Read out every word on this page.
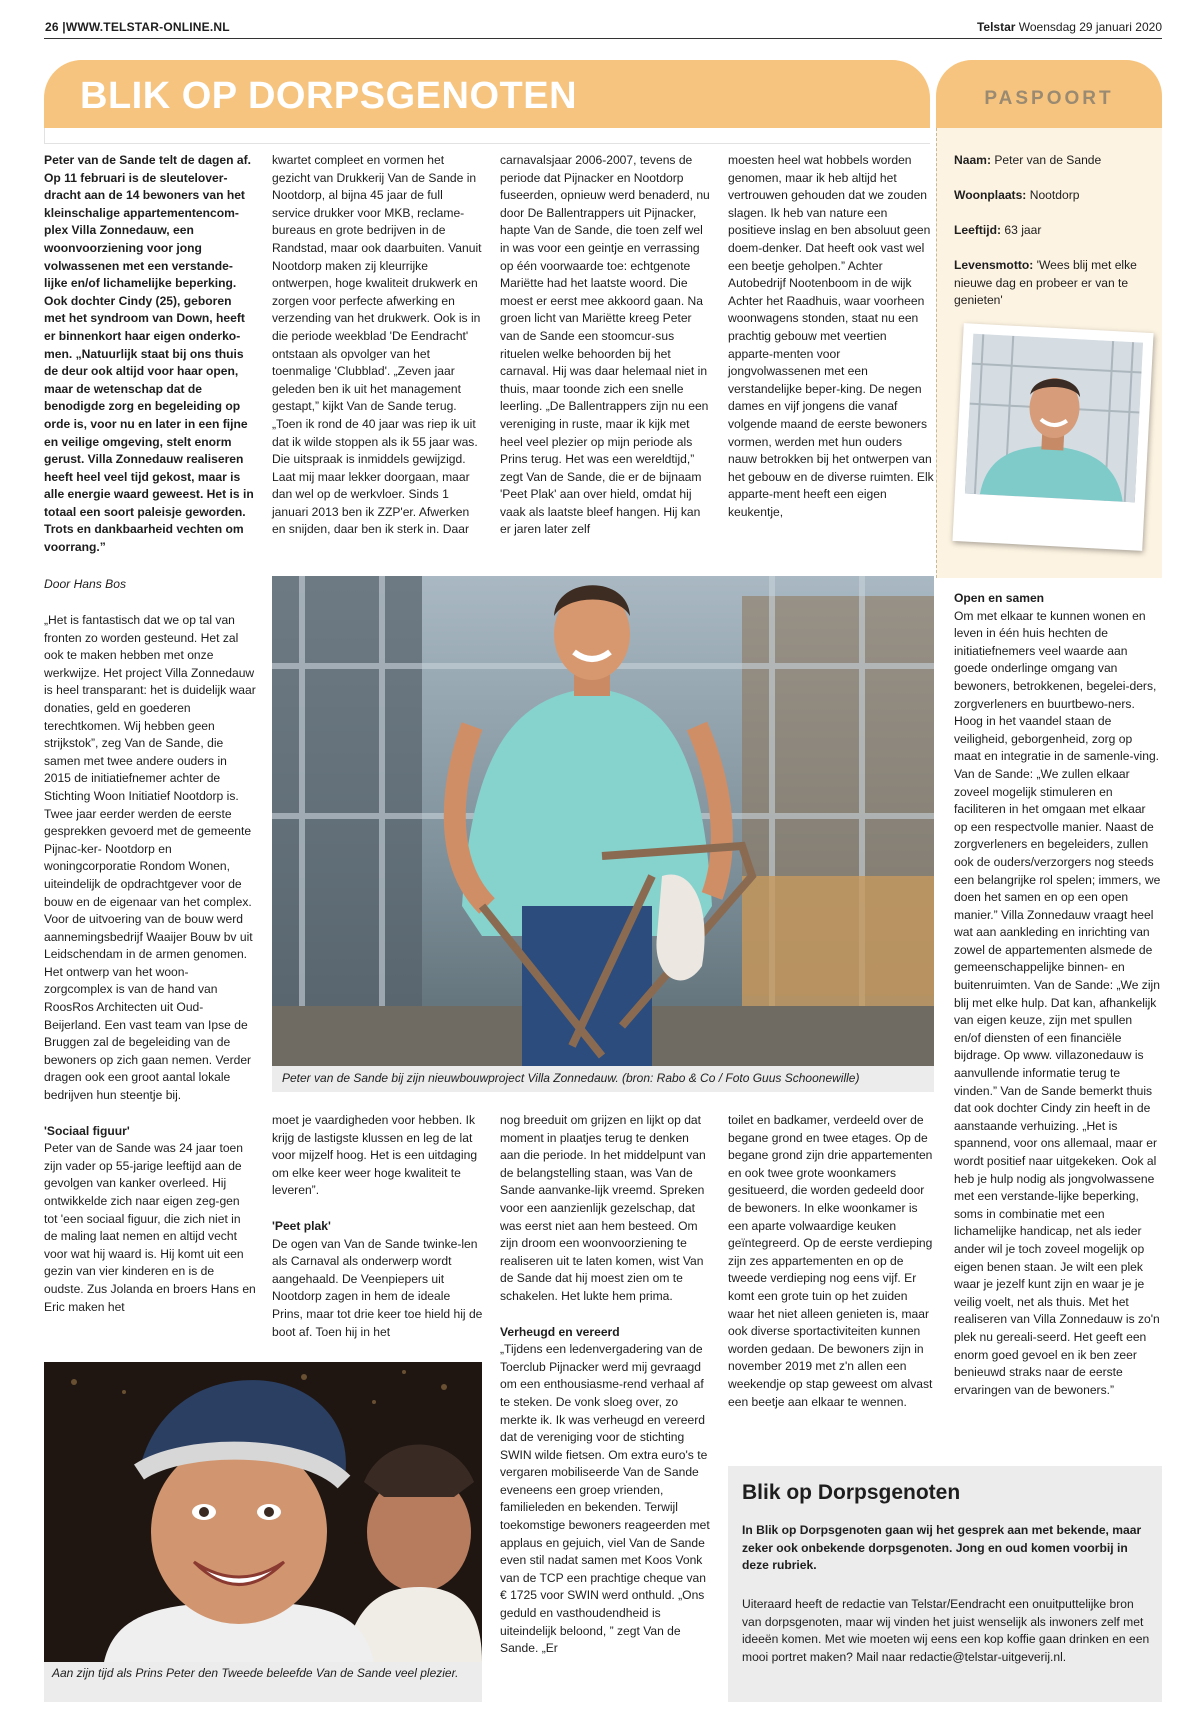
26 |WWW.TELSTAR-ONLINE.NL	Telstar Woensdag 29 januari 2020
BLIK OP DORPSGENOTEN	PASPOORT
Naam: Peter van de Sande
Woonplaats: Nootdorp
Leeftijd: 63 jaar
Levensmotto: 'Wees blij met elke nieuwe dag en probeer er van te genieten'
Peter van de Sande telt de dagen af. Op 11 februari is de sleutelover-dracht aan de 14 bewoners van het kleinschalige appartementencom-plex Villa Zonnedauw, een woonvoorziening voor jong volwassenen met een verstande-lijke en/of lichamelijke beperking. Ook dochter Cindy (25), geboren met het syndroom van Down, heeft er binnenkort haar eigen onderko-men. „Natuurlijk staat bij ons thuis de deur ook altijd voor haar open, maar de wetenschap dat de benodigde zorg en begeleiding op orde is, voor nu en later in een fijne en veilige omgeving, stelt enorm gerust. Villa Zonnedauw realiseren heeft heel veel tijd gekost, maar is alle energie waard geweest. Het is in totaal een soort paleisje geworden. Trots en dankbaarheid vechten om voorrang.”
kwartet compleet en vormen het gezicht van Drukkerij Van de Sande in Nootdorp, al bijna 45 jaar de full service drukker voor MKB, reclame-bureaus en grote bedrijven in de Randstad, maar ook daarbuiten. Vanuit Nootdorp maken zij kleurrijke ontwerpen, hoge kwaliteit drukwerk en zorgen voor perfecte afwerking en verzending van het drukwerk. Ook is in die periode weekblad 'De Eendracht' ontstaan als opvolger van het toenmalige 'Clubblad'. „Zeven jaar geleden ben ik uit het management gestapt,” kijkt Van de Sande terug. „Toen ik rond de 40 jaar was riep ik uit dat ik wilde stoppen als ik 55 jaar was. Die uitspraak is inmiddels gewijzigd. Laat mij maar lekker doorgaan, maar dan wel op de werkvloer. Sinds 1 januari 2013 ben ik ZZP'er. Afwerken en snijden, daar ben ik sterk in. Daar
carnavalsjaar 2006-2007, tevens de periode dat Pijnacker en Nootdorp fuseerden, opnieuw werd benaderd, nu door De Ballentrappers uit Pijnacker, hapte Van de Sande, die toen zelf wel in was voor een geintje en verrassing op één voorwaarde toe: echtgenote Mariëtte had het laatste woord. Die moest er eerst mee akkoord gaan. Na groen licht van Mariëtte kreeg Peter van de Sande een stoomcur-sus rituelen welke behoorden bij het carnaval. Hij was daar helemaal niet in thuis, maar toonde zich een snelle leerling. „De Ballentrappers zijn nu een vereniging in ruste, maar ik kijk met heel veel plezier op mijn periode als Prins terug. Het was een wereldtijd,” zegt Van de Sande, die er de bijnaam 'Peet Plak' aan over hield, omdat hij vaak als laatste bleef hangen. Hij kan er jaren later zelf
moesten heel wat hobbels worden genomen, maar ik heb altijd het vertrouwen gehouden dat we zouden slagen. Ik heb van nature een positieve inslag en ben absoluut geen doem-denker. Dat heeft ook vast wel een beetje geholpen.” Achter Autobedrijf Nootenboom in de wijk Achter het Raadhuis, waar voorheen woonwagens stonden, staat nu een prachtig gebouw met veertien apparte-menten voor jongvolwassenen met een verstandelijke beper-king. De negen dames en vijf jongens die vanaf volgende maand de eerste bewoners vormen, werden met hun ouders nauw betrokken bij het ontwerpen van het gebouw en de diverse ruimten. Elk apparte-ment heeft een eigen keukentje,
Door Hans Bos

„Het is fantastisch dat we op tal van fronten zo worden gesteund. Het zal ook te maken hebben met onze werkwijze. Het project Villa Zonnedauw is heel transparant: het is duidelijk waar donaties, geld en goederen terechtkomen. Wij hebben geen strijkstok”, zeg Van de Sande, die samen met twee andere ouders in 2015 de initiatiefnemer achter de Stichting Woon Initiatief Nootdorp is. Twee jaar eerder werden de eerste gesprekken gevoerd met de gemeente Pijnac-ker- Nootdorp en woningcorporatie Rondom Wonen, uiteindelijk de opdrachtgever voor de bouw en de eigenaar van het complex. Voor de uitvoering van de bouw werd aannemingsbedrijf Waaijer Bouw bv uit Leidschendam in de armen genomen. Het ontwerp van het woon-zorgcomplex is van de hand van RoosRos Architecten uit Oud-Beijerland. Een vast team van Ipse de Bruggen zal de begeleiding van de bewoners op zich gaan nemen. Verder dragen ook een groot aantal lokale bedrijven hun steentje bij.

'Sociaal figuur'

Peter van de Sande was 24 jaar toen zijn vader op 55-jarige leeftijd aan de gevolgen van kanker overleed. Hij ontwikkelde zich naar eigen zeg-gen tot 'een sociaal figuur, die zich niet in de maling laat nemen en altijd vecht voor wat hij waard is. Hij komt uit een gezin van vier kinderen en is de oudste. Zus Jolanda en broers Hans en Eric maken het

Peter van de Sande bij zijn nieuwbouwproject Villa Zonnedauw. (bron: Rabo & Co / Foto Guus Schoonewille)

moet je vaardigheden voor hebben. Ik krijg de lastigste klussen en leg de lat voor mijzelf hoog. Het is een uitdaging om elke keer weer hoge kwaliteit te leveren”.

'Peet plak'

De ogen van Van de Sande twinke-len als Carnaval als onderwerp wordt aangehaald. De Veenpiepers uit Nootdorp zagen in hem de ideale Prins, maar tot drie keer toe hield hij de boot af. Toen hij in het

nog breeduit om grijzen en lijkt op dat moment in plaatjes terug te denken aan die periode. In het middelpunt van de belangstelling staan, was Van de Sande aanvanke-lijk vreemd. Spreken voor een aanzienlijk gezelschap, dat was eerst niet aan hem besteed. Om zijn droom een woonvoorziening te realiseren uit te laten komen, wist Van de Sande dat hij moest zien om te schakelen. Het lukte hem prima.

Verheugd en vereerd

„Tijdens een ledenvergadering van de Toerclub Pijnacker werd mij gevraagd om een enthousiasme-rend verhaal af te steken. De vonk sloeg over, zo merkte ik. Ik was verheugd en vereerd dat de vereniging voor de stichting SWIN wilde fietsen. Om extra euro's te vergaren mobiliseerde Van de Sande eveneens een groep vrienden, familieleden en bekenden. Terwijl toekomstige bewoners reageerden met applaus en gejuich, viel Van de Sande even stil nadat samen met Koos Vonk van de TCP een prachtige cheque van € 1725 voor SWIN werd onthuld. „Ons geduld en vasthoudendheid is uiteindelijk beloond, ” zegt Van de Sande. „Er

toilet en badkamer, verdeeld over de begane grond en twee etages. Op de begane grond zijn drie appartementen en ook twee grote woonkamers gesitueerd, die worden gedeeld door de bewoners. In elke woonkamer is een aparte volwaardige keuken geïntegreerd. Op de eerste verdieping zijn zes appartementen en op de tweede verdieping nog eens vijf. Er komt een grote tuin op het zuiden waar het niet alleen genieten is, maar ook diverse sportactiviteiten kunnen worden gedaan. De bewoners zijn in november 2019 met z'n allen een weekendje op stap geweest om alvast een beetje aan elkaar te wennen.

Open en samen

Om met elkaar te kunnen wonen en leven in één huis hechten de initiatiefnemers veel waarde aan goede onderlinge omgang van bewoners, betrokkenen, begelei-ders, zorgverleners en buurtbewo-ners. Hoog in het vaandel staan de veiligheid, geborgenheid, zorg op maat en integratie in de samenle-ving. Van de Sande: „We zullen elkaar zoveel mogelijk stimuleren en faciliteren in het omgaan met elkaar op een respectvolle manier. Naast de zorgverleners en begeleiders, zullen ook de ouders/verzorgers nog steeds een belangrijke rol spelen; immers, we doen het samen en op een open manier.” Villa Zonnedauw vraagt heel wat aan aankleding en inrichting van zowel de appartementen alsmede de gemeenschappelijke binnen- en buitenruimten. Van de Sande: „We zijn blij met elke hulp. Dat kan, afhankelijk van eigen keuze, zijn met spullen en/of diensten of een financiële bijdrage. Op www. villazonedauw is aanvullende informatie terug te vinden.” Van de Sande bemerkt thuis dat ook dochter Cindy zin heeft in de aanstaande verhuizing. „Het is spannend, voor ons allemaal, maar er wordt positief naar uitgekeken. Ook al heb je hulp nodig als jongvolwassene met een verstande-lijke beperking, soms in combinatie met een lichamelijke handicap, net als ieder ander wil je toch zoveel mogelijk op eigen benen staan. Je wilt een plek waar je jezelf kunt zijn en waar je je veilig voelt, net als thuis. Met het realiseren van Villa Zonnedauw is zo'n plek nu gereali-seerd. Het geeft een enorm goed gevoel en ik ben zeer benieuwd straks naar de eerste ervaringen van de bewoners.”

Aan zijn tijd als Prins Peter den Tweede beleefde Van de Sande veel plezier.
Blik op Dorpsgenoten
In Blik op Dorpsgenoten gaan wij het gesprek aan met bekende, maar zeker ook onbekende dorpsgenoten. Jong en oud komen voorbij in deze rubriek.
Uiteraard heeft de redactie van Telstar/Eendracht een onuitputtelijke bron van dorpsgenoten, maar wij vinden het juist wenselijk als inwoners zelf met ideeën komen. Met wie moeten wij eens een kop koffie gaan drinken en een mooi portret maken? Mail naar redactie@telstar-uitgeverij.nl.
